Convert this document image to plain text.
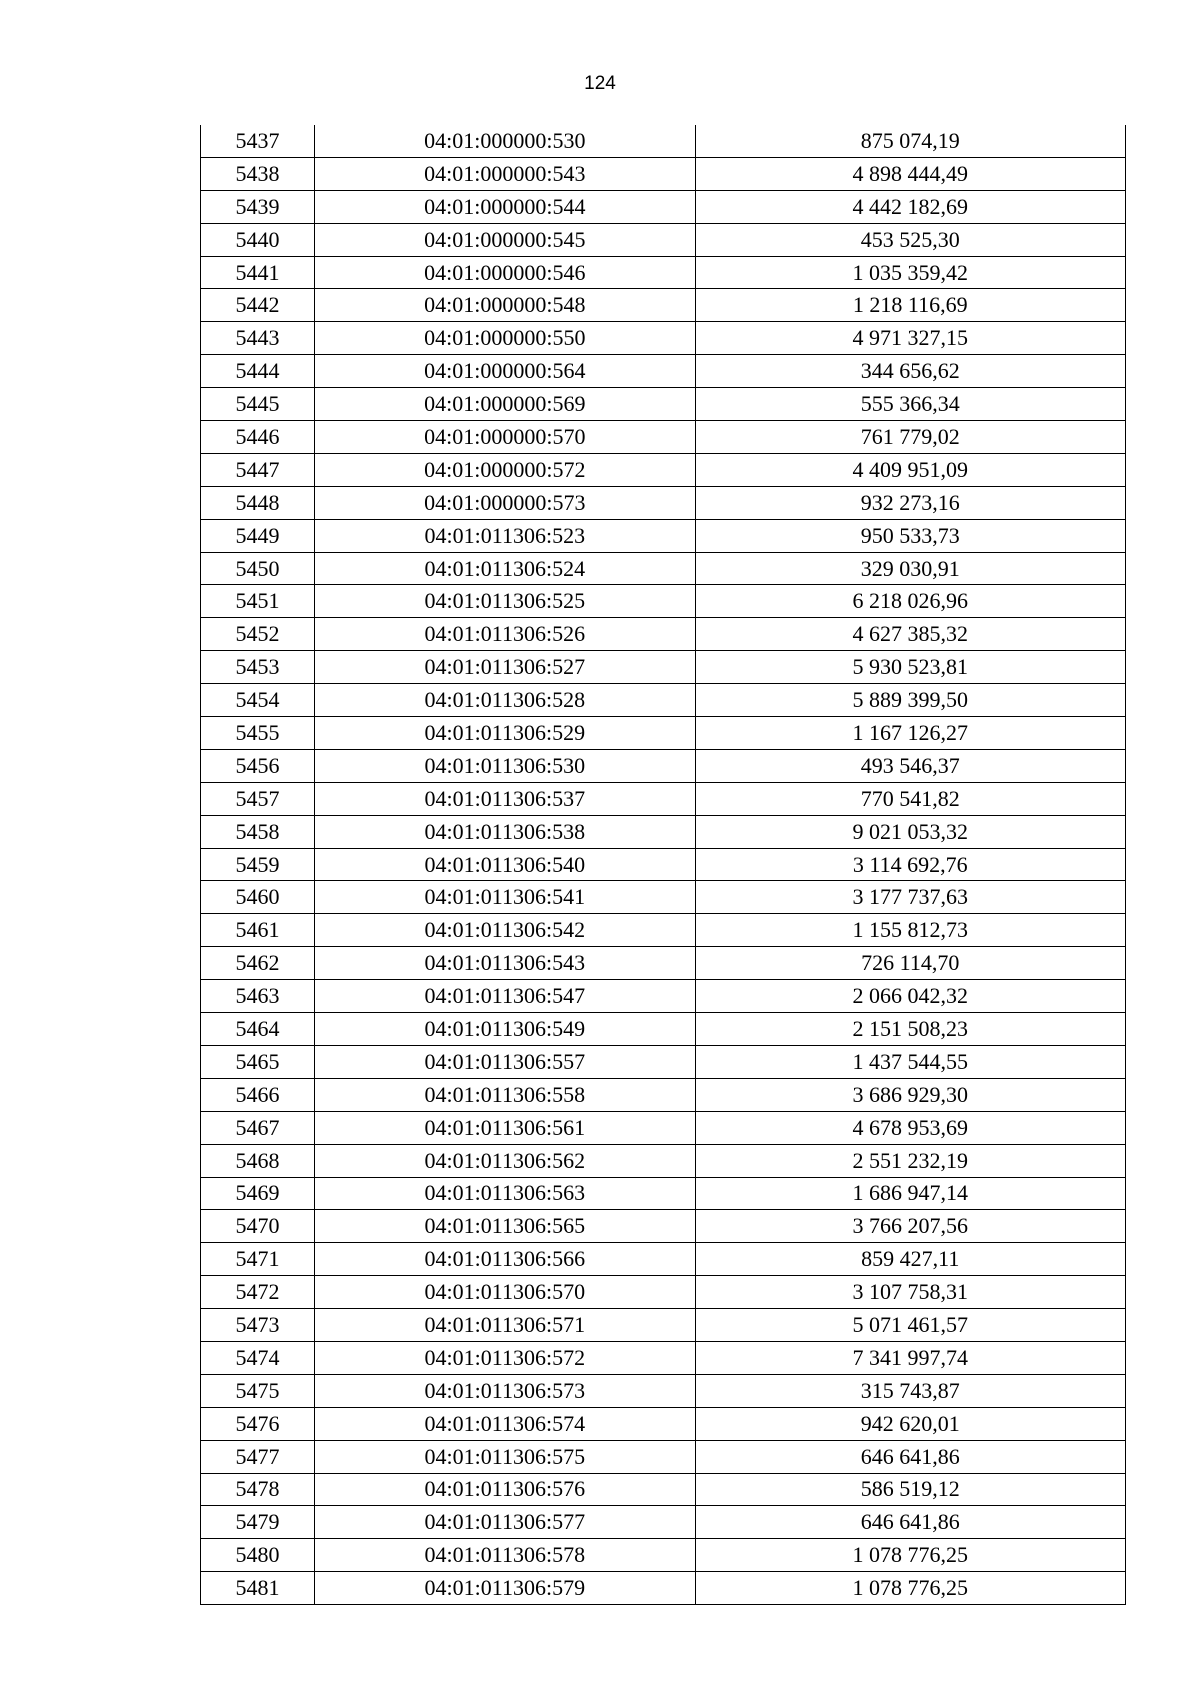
124
5437	04:01:000000:530	875 074,19
5438	04:01:000000:543	4 898 444,49
5439	04:01:000000:544	4 442 182,69
5440	04:01:000000:545	453 525,30
5441	04:01:000000:546	1 035 359,42
5442	04:01:000000:548	1 218 116,69
5443	04:01:000000:550	4 971 327,15
5444	04:01:000000:564	344 656,62
5445	04:01:000000:569	555 366,34
5446	04:01:000000:570	761 779,02
5447	04:01:000000:572	4 409 951,09
5448	04:01:000000:573	932 273,16
5449	04:01:011306:523	950 533,73
5450	04:01:011306:524	329 030,91
5451	04:01:011306:525	6 218 026,96
5452	04:01:011306:526	4 627 385,32
5453	04:01:011306:527	5 930 523,81
5454	04:01:011306:528	5 889 399,50
5455	04:01:011306:529	1 167 126,27
5456	04:01:011306:530	493 546,37
5457	04:01:011306:537	770 541,82
5458	04:01:011306:538	9 021 053,32
5459	04:01:011306:540	3 114 692,76
5460	04:01:011306:541	3 177 737,63
5461	04:01:011306:542	1 155 812,73
5462	04:01:011306:543	726 114,70
5463	04:01:011306:547	2 066 042,32
5464	04:01:011306:549	2 151 508,23
5465	04:01:011306:557	1 437 544,55
5466	04:01:011306:558	3 686 929,30
5467	04:01:011306:561	4 678 953,69
5468	04:01:011306:562	2 551 232,19
5469	04:01:011306:563	1 686 947,14
5470	04:01:011306:565	3 766 207,56
5471	04:01:011306:566	859 427,11
5472	04:01:011306:570	3 107 758,31
5473	04:01:011306:571	5 071 461,57
5474	04:01:011306:572	7 341 997,74
5475	04:01:011306:573	315 743,87
5476	04:01:011306:574	942 620,01
5477	04:01:011306:575	646 641,86
5478	04:01:011306:576	586 519,12
5479	04:01:011306:577	646 641,86
5480	04:01:011306:578	1 078 776,25
5481	04:01:011306:579	1 078 776,25
